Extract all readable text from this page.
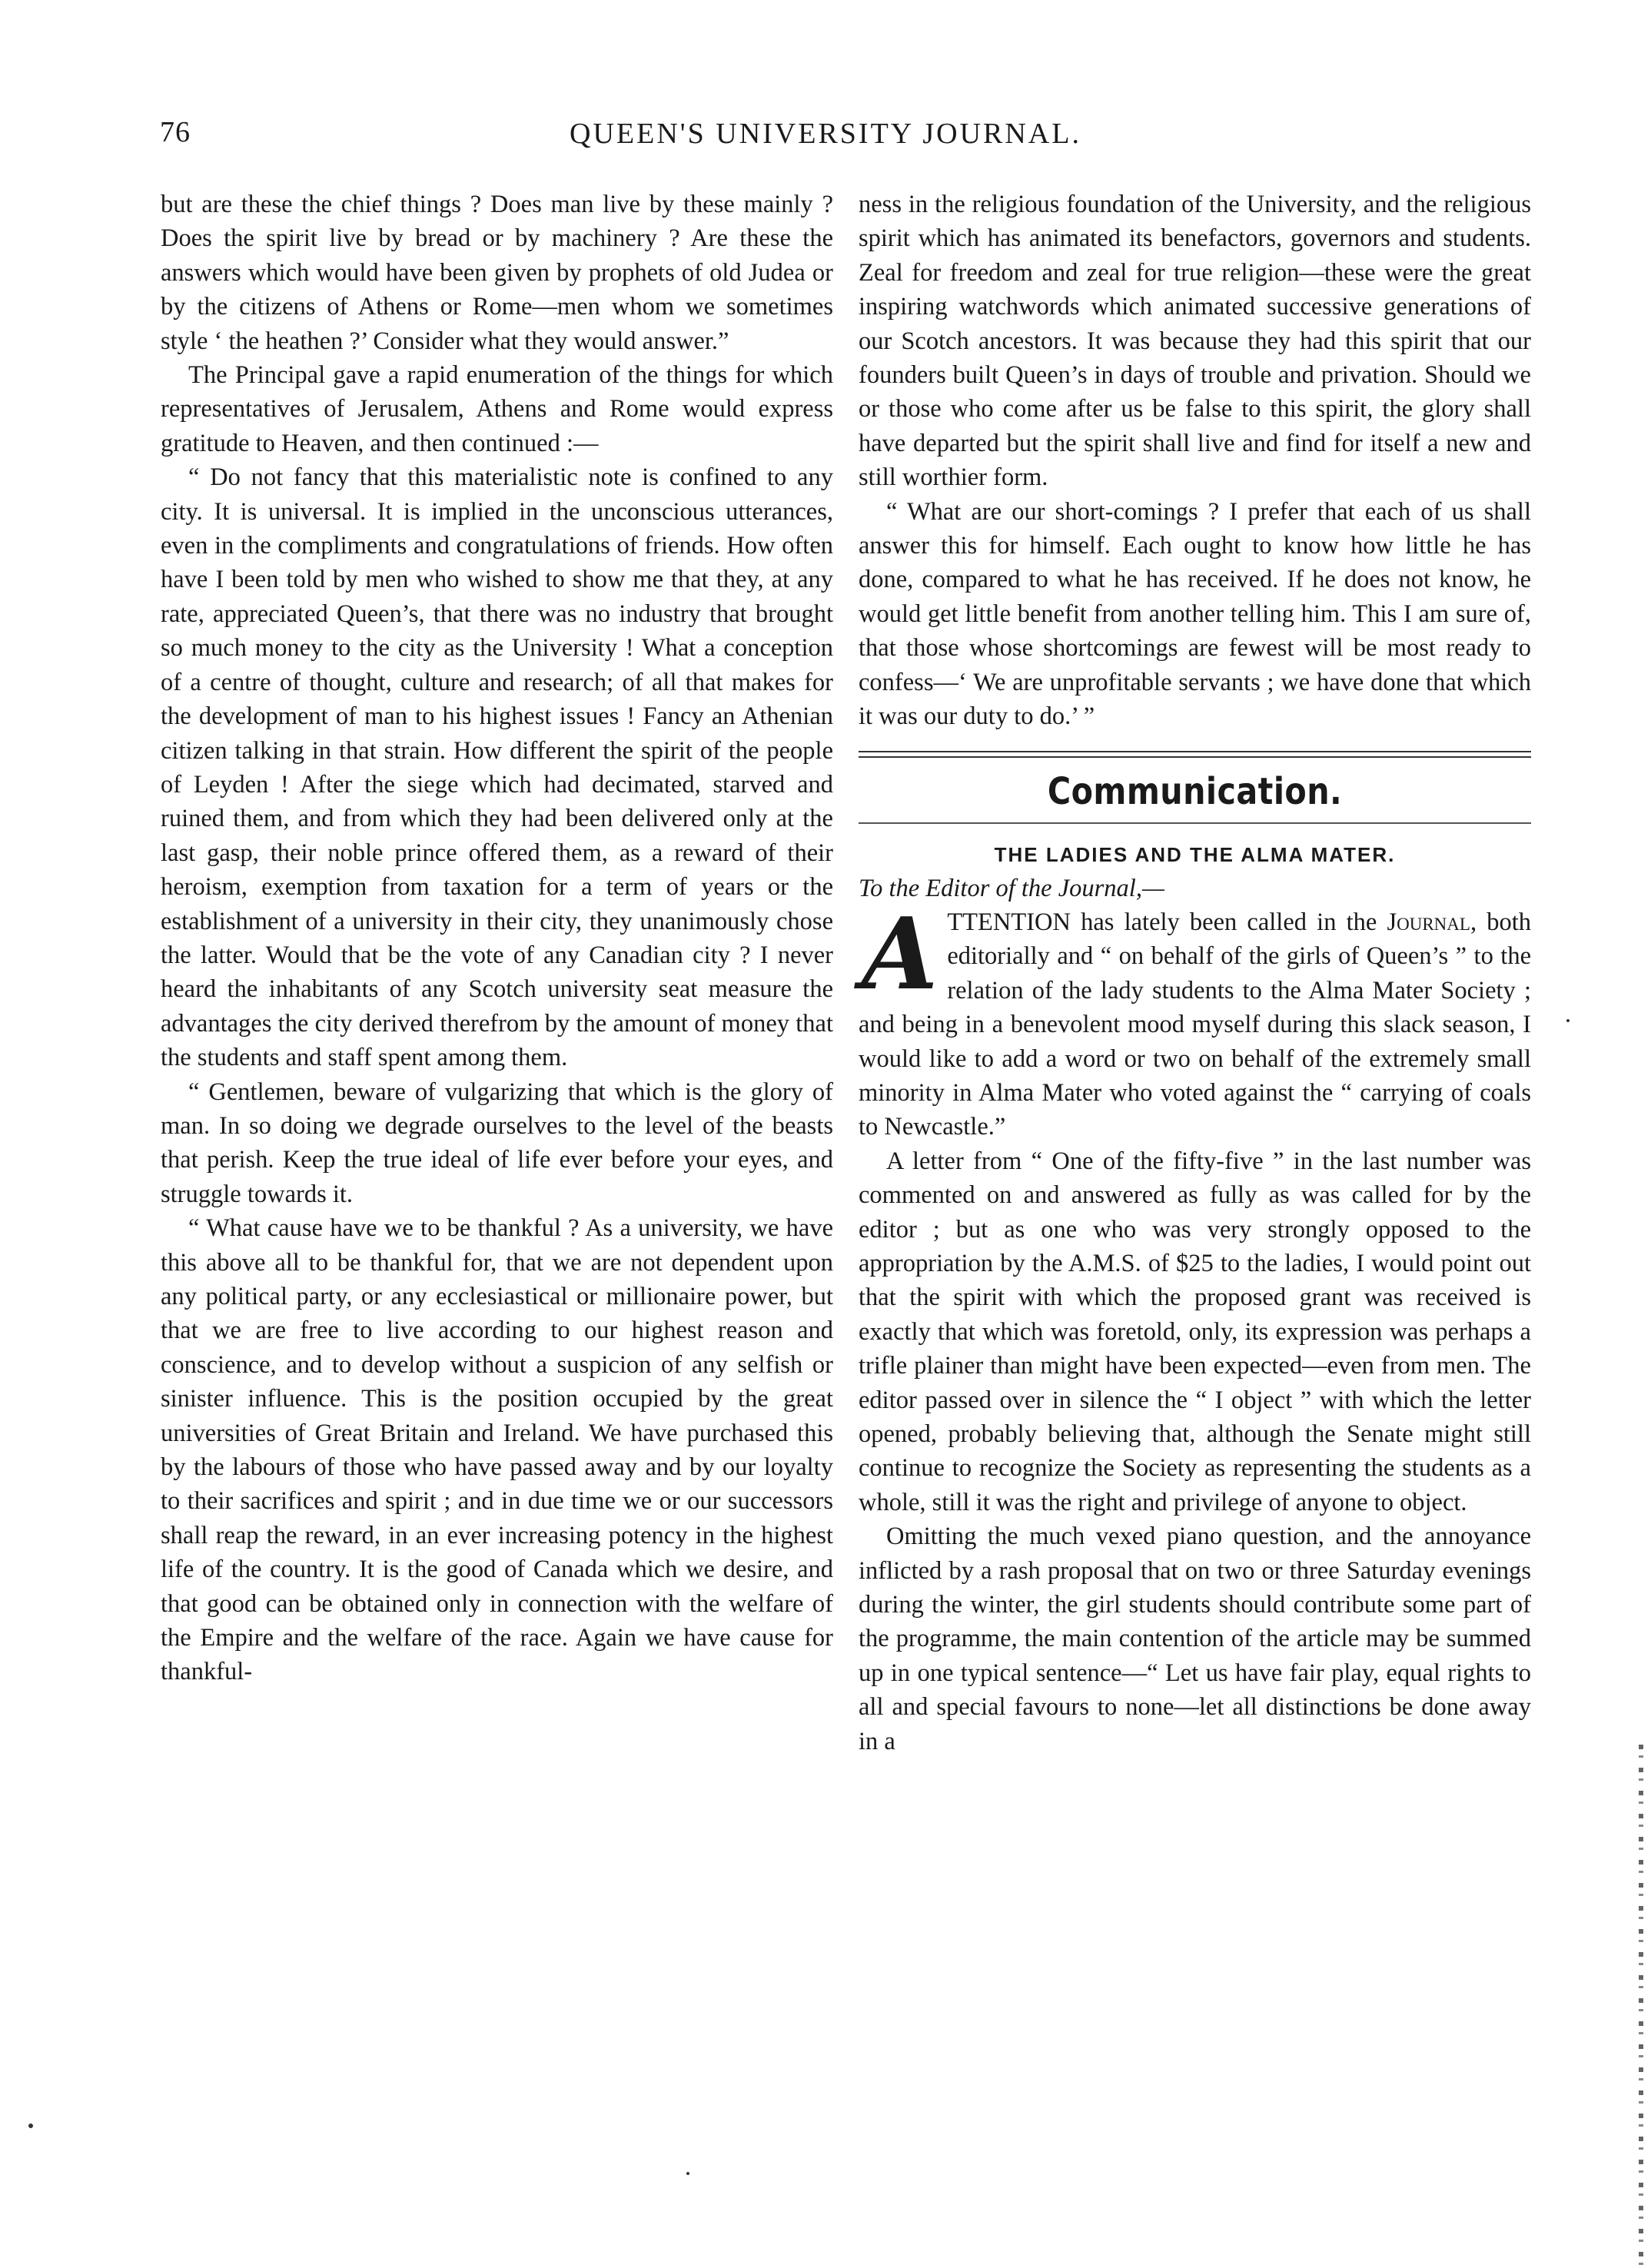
76	QUEEN'S UNIVERSITY JOURNAL.

but are these the chief things ? Does man live by these mainly ? Does the spirit live by bread or by machinery ? Are these the answers which would have been given by prophets of old Judea or by the citizens of Athens or Rome—men whom we sometimes style ‘ the heathen ?’ Consider what they would answer.”

The Principal gave a rapid enumeration of the things for which representatives of Jerusalem, Athens and Rome would express gratitude to Heaven, and then continued :—

“ Do not fancy that this materialistic note is confined to any city. It is universal. It is implied in the unconscious utterances, even in the compliments and congratulations of friends. How often have I been told by men who wished to show me that they, at any rate, appreciated Queen’s, that there was no industry that brought so much money to the city as the University ! What a conception of a centre of thought, culture and research; of all that makes for the development of man to his highest issues ! Fancy an Athenian citizen talking in that strain. How different the spirit of the people of Leyden ! After the siege which had decimated, starved and ruined them, and from which they had been delivered only at the last gasp, their noble prince offered them, as a reward of their heroism, exemption from taxation for a term of years or the establishment of a university in their city, they unanimously chose the latter. Would that be the vote of any Canadian city ? I never heard the inhabitants of any Scotch university seat measure the advantages the city derived therefrom by the amount of money that the students and staff spent among them.

“ Gentlemen, beware of vulgarizing that which is the glory of man. In so doing we degrade ourselves to the level of the beasts that perish. Keep the true ideal of life ever before your eyes, and struggle towards it.

“ What cause have we to be thankful ? As a university, we have this above all to be thankful for, that we are not dependent upon any political party, or any ecclesiastical or millionaire power, but that we are free to live according to our highest reason and conscience, and to develop without a suspicion of any selfish or sinister influence. This is the position occupied by the great universities of Great Britain and Ireland. We have purchased this by the labours of those who have passed away and by our loyalty to their sacrifices and spirit ; and in due time we or our successors shall reap the reward, in an ever increasing potency in the highest life of the country. It is the good of Canada which we desire, and that good can be obtained only in connection with the welfare of the Empire and the welfare of the race. Again we have cause for thankful-

ness in the religious foundation of the University, and the religious spirit which has animated its benefactors, governors and students. Zeal for freedom and zeal for true religion—these were the great inspiring watchwords which animated successive generations of our Scotch ancestors. It was because they had this spirit that our founders built Queen’s in days of trouble and privation. Should we or those who come after us be false to this spirit, the glory shall have departed but the spirit shall live and find for itself a new and still worthier form.

“ What are our short-comings ? I prefer that each of us shall answer this for himself. Each ought to know how little he has done, compared to what he has received. If he does not know, he would get little benefit from another telling him. This I am sure of, that those whose shortcomings are fewest will be most ready to confess—‘ We are unprofitable servants ; we have done that which it was our duty to do.’ ”

Communication.
THE LADIES AND THE ALMA MATER.

To the Editor of the Journal,—

ATTENTION has lately been called in the Journal, both editorially and “ on behalf of the girls of Queen’s ” to the relation of the lady students to the Alma Mater Society ; and being in a benevolent mood myself during this slack season, I would like to add a word or two on behalf of the extremely small minority in Alma Mater who voted against the “ carrying of coals to Newcastle.”

A letter from “ One of the fifty-five ” in the last number was commented on and answered as fully as was called for by the editor ; but as one who was very strongly opposed to the appropriation by the A.M.S. of $25 to the ladies, I would point out that the spirit with which the proposed grant was received is exactly that which was foretold, only, its expression was perhaps a trifle plainer than might have been expected—even from men. The editor passed over in silence the “ I object ” with which the letter opened, probably believing that, although the Senate might still continue to recognize the Society as representing the students as a whole, still it was the right and privilege of anyone to object.

Omitting the much vexed piano question, and the annoyance inflicted by a rash proposal that on two or three Saturday evenings during the winter, the girl students should contribute some part of the programme, the main contention of the article may be summed up in one typical sentence—“ Let us have fair play, equal rights to all and special favours to none—let all distinctions be done away in a
